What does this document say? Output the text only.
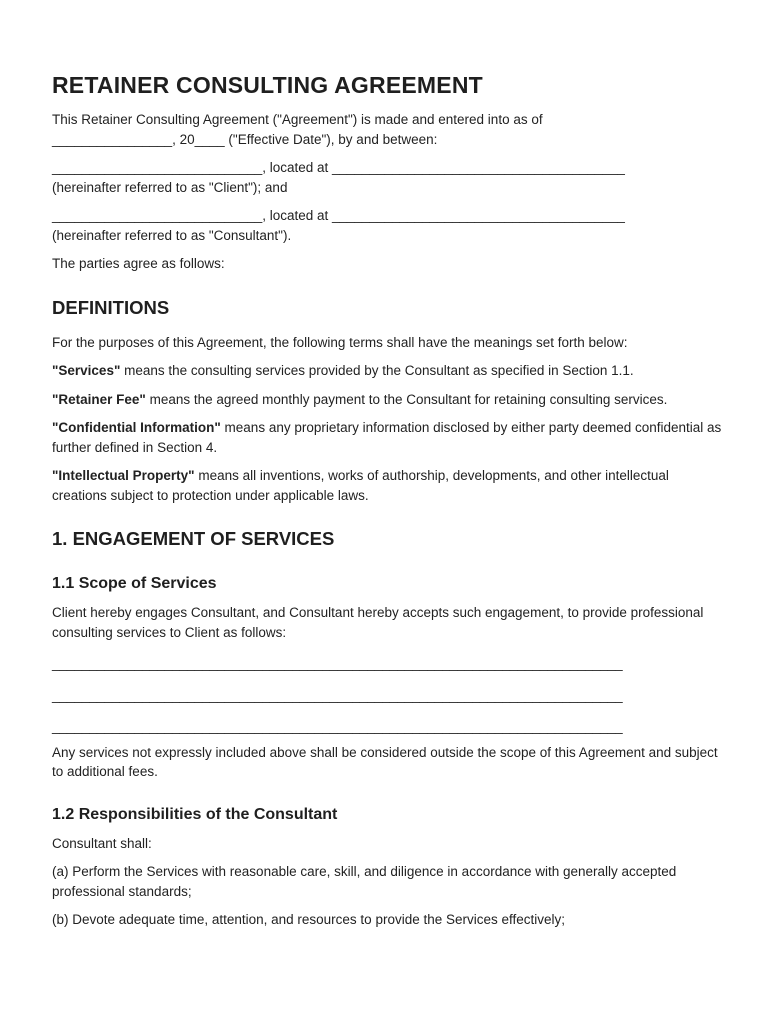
RETAINER CONSULTING AGREEMENT

This Retainer Consulting Agreement ("Agreement") is made and entered into as of
________________, 20____ ("Effective Date"), by and between:

____________________________, located at _______________________________________
(hereinafter referred to as "Client"); and

____________________________, located at _______________________________________
(hereinafter referred to as "Consultant").

The parties agree as follows:

DEFINITIONS

For the purposes of this Agreement, the following terms shall have the meanings set forth below:

"Services" means the consulting services provided by the Consultant as specified in Section 1.1.

"Retainer Fee" means the agreed monthly payment to the Consultant for retaining consulting services.

"Confidential Information" means any proprietary information disclosed by either party deemed confidential as further defined in Section 4.

"Intellectual Property" means all inventions, works of authorship, developments, and other intellectual creations subject to protection under applicable laws.

1. ENGAGEMENT OF SERVICES
1.1 Scope of Services

Client hereby engages Consultant, and Consultant hereby accepts such engagement, to provide professional consulting services to Client as follows:

____________________________________________________________________________
____________________________________________________________________________
____________________________________________________________________________

Any services not expressly included above shall be considered outside the scope of this Agreement and subject to additional fees.

1.2 Responsibilities of the Consultant

Consultant shall:

(a) Perform the Services with reasonable care, skill, and diligence in accordance with generally accepted professional standards;

(b) Devote adequate time, attention, and resources to provide the Services effectively;
